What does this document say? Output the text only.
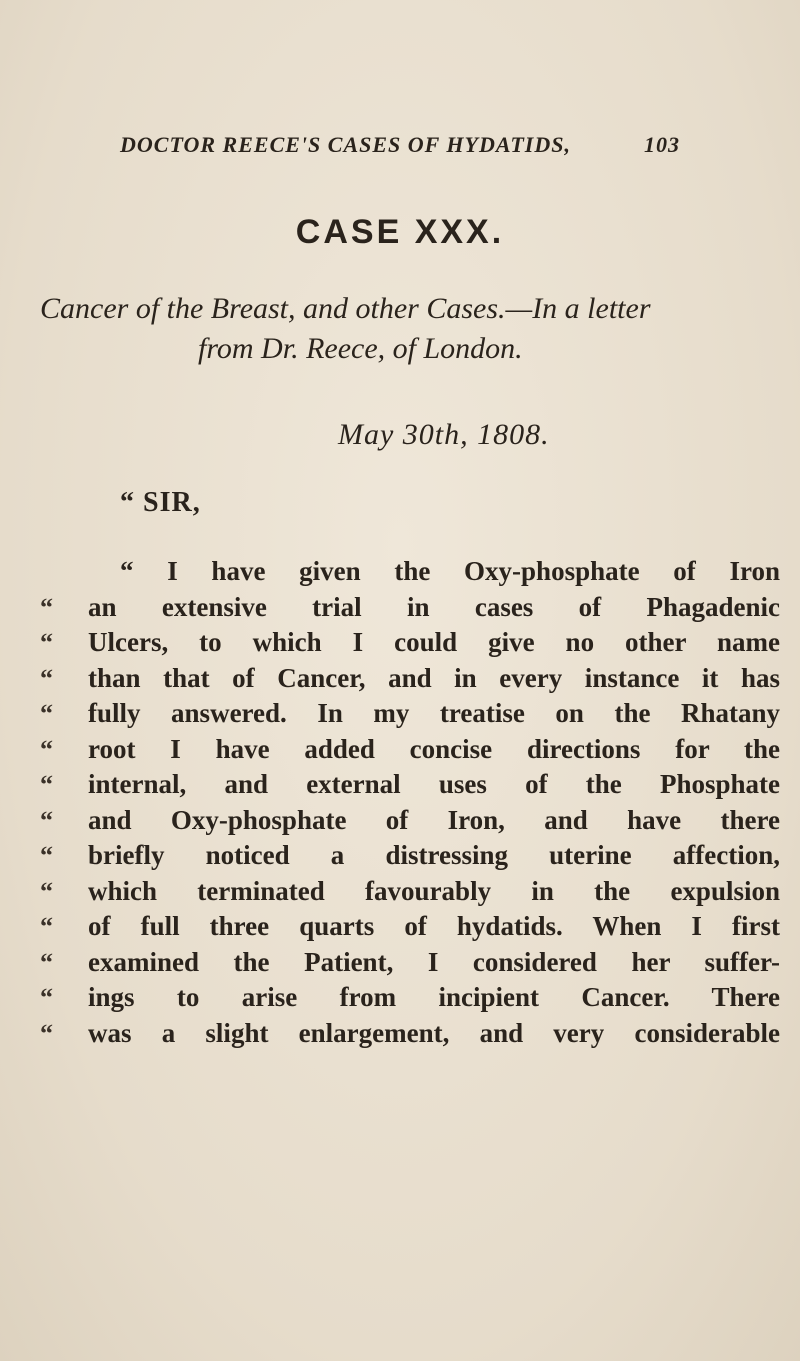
DOCTOR REECE'S CASES OF HYDATIDS,	103
CASE XXX.
Cancer of the Breast, and other Cases.—In a letter
from Dr. Reece, of London.
May 30th, 1808.
“ SIR,
“ I have given the Oxy-phosphate of Iron
“	an extensive trial in cases of Phagadenic
“	Ulcers, to which I could give no other name
“	than that of Cancer, and in every instance it has
“	fully answered. In my treatise on the Rhatany
“	root I have added concise directions for the
“	internal, and external uses of the Phosphate
“	and Oxy-phosphate of Iron, and have there
“	briefly noticed a distressing uterine affection,
“	which terminated favourably in the expulsion
“	of full three quarts of hydatids. When I first
“	examined the Patient, I considered her suffer-
“	ings to arise from incipient Cancer. There
“	was a slight enlargement, and very considerable
